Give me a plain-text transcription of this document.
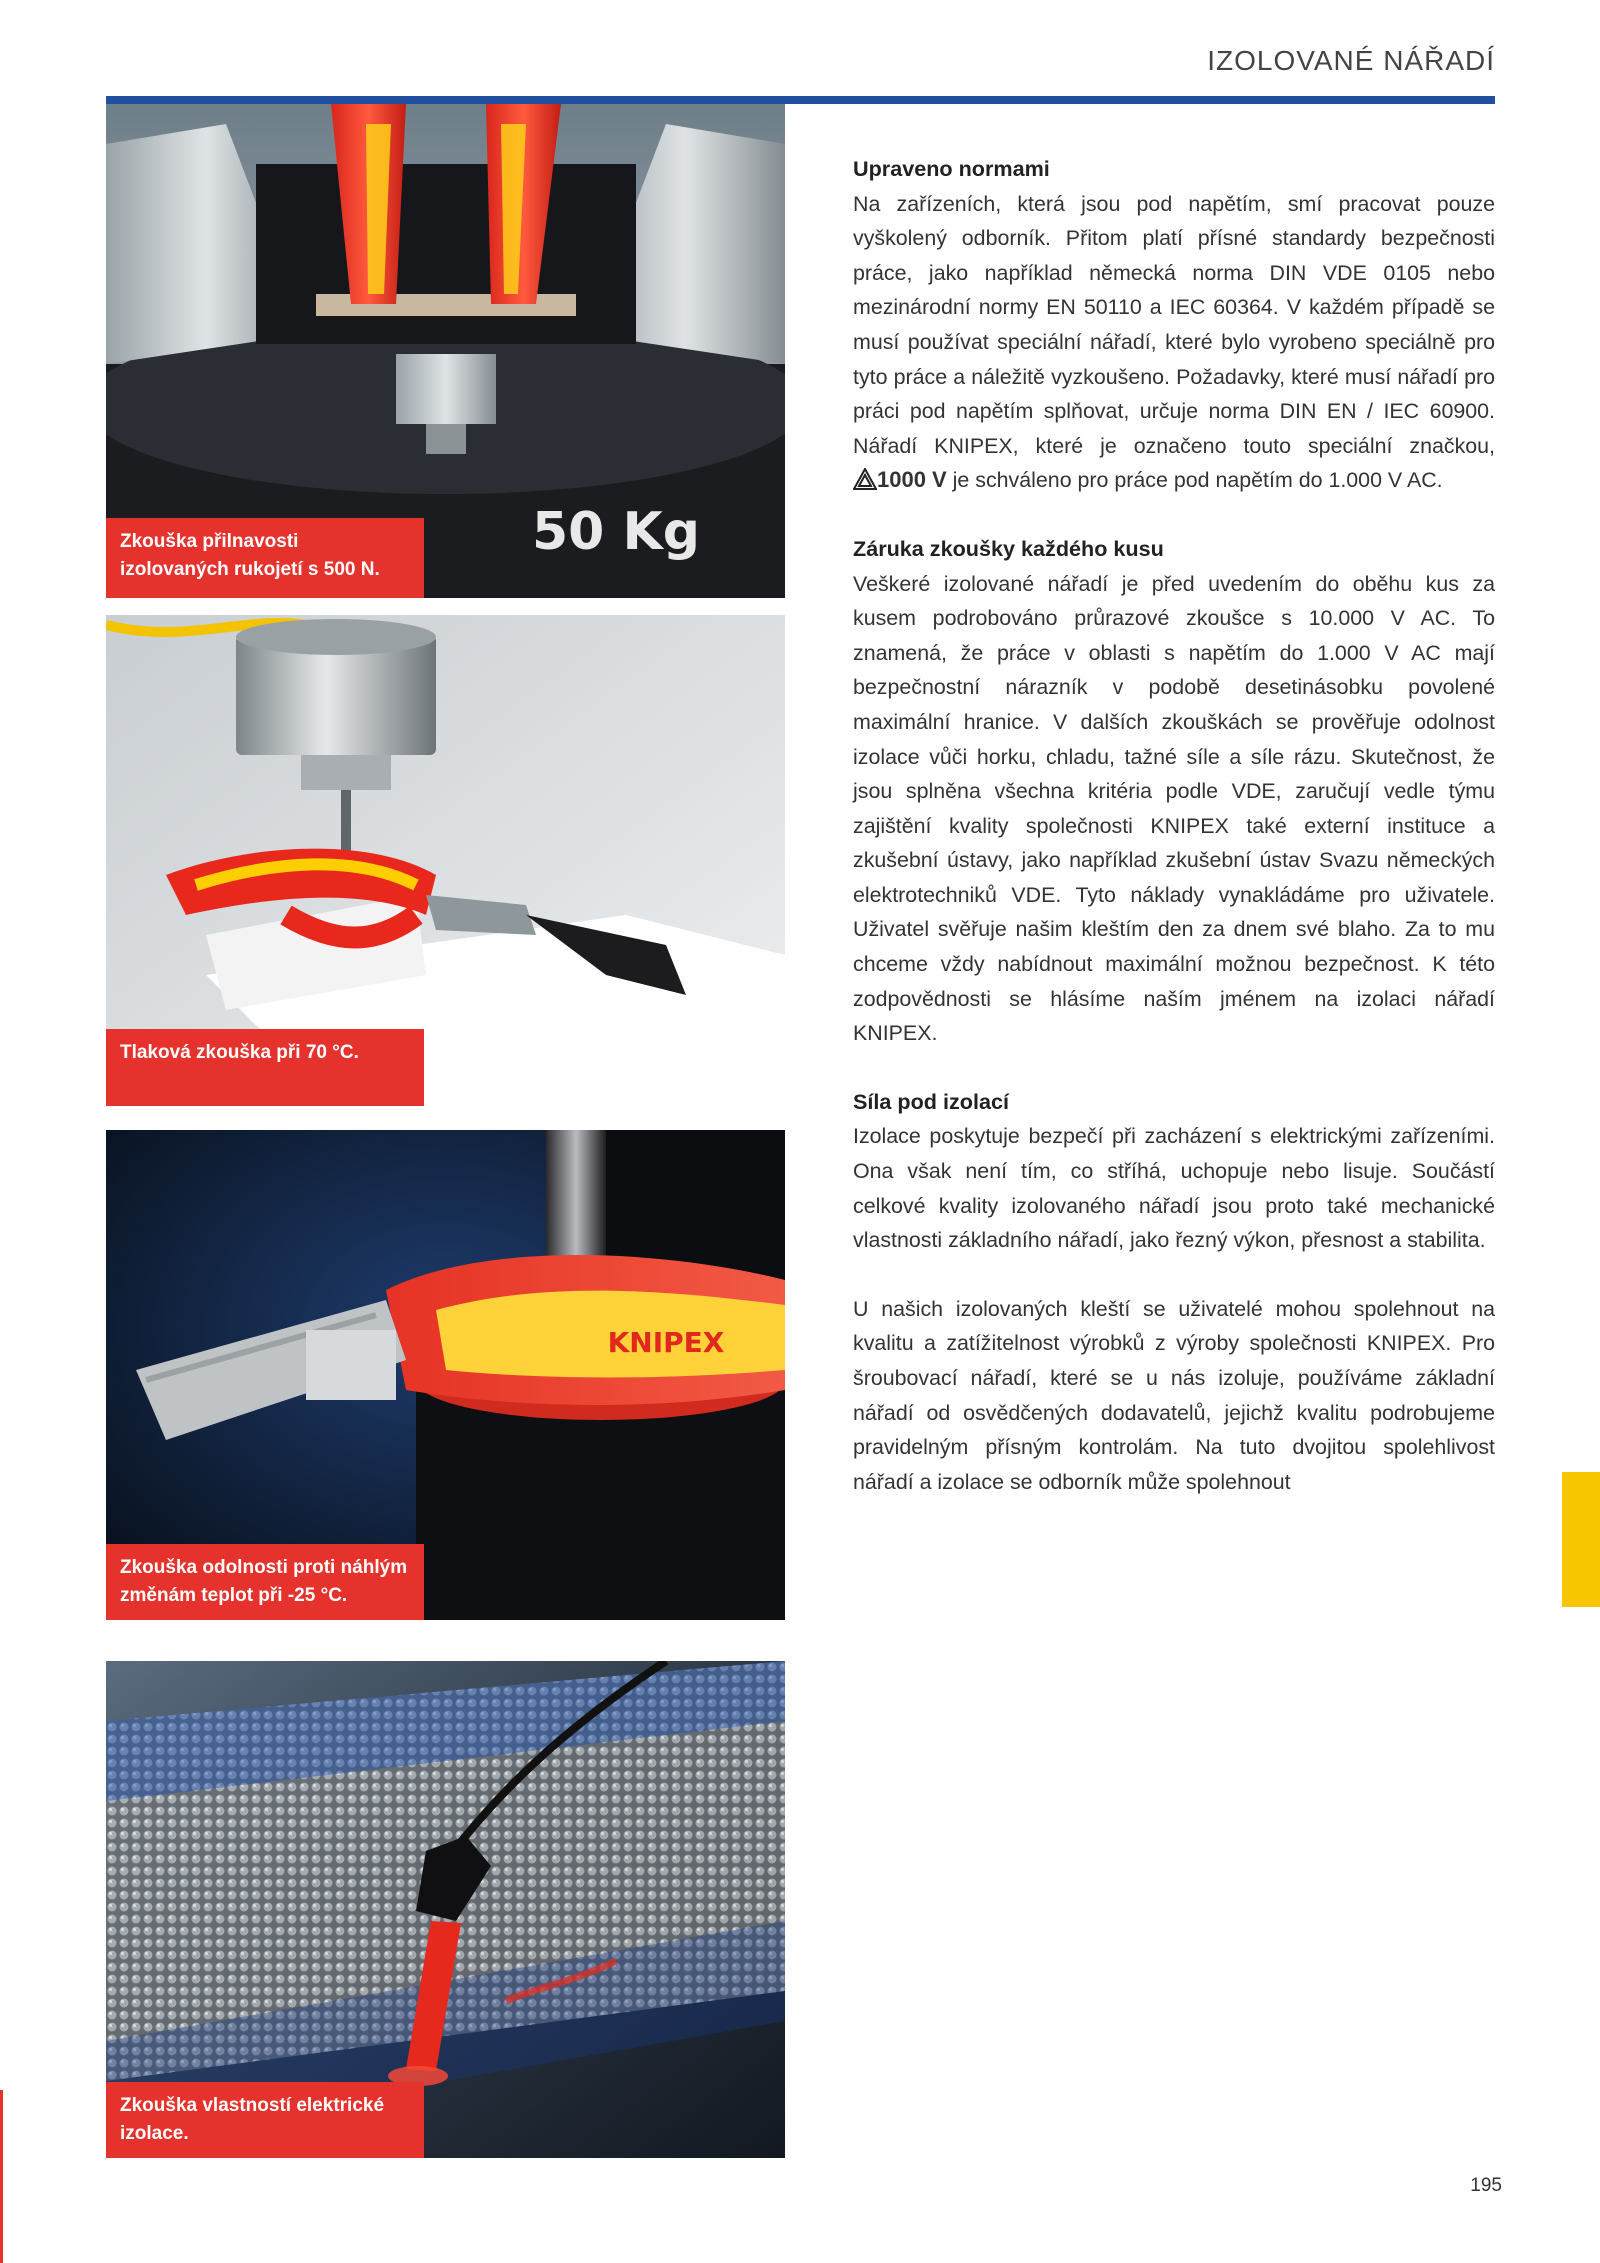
IZOLOVANÉ NÁŘADÍ
50 Kg
Zkouška přilnavosti izolovaných rukojetí s 500 N.
Tlaková zkouška při 70 °C.
KNIPEX
Zkouška odolnosti proti náhlým změnám teplot při -25 °C.
Zkouška vlastností elektrické izolace.
Upraveno normami

Na zařízeních, která jsou pod napětím, smí pracovat pouze vyškolený odborník. Přitom platí přísné standardy bezpečnosti práce, jako například německá norma DIN VDE 0105 nebo mezinárodní normy EN 50110 a IEC 60364. V každém případě se musí používat speciální nářadí, které bylo vyrobeno speciálně pro tyto práce a náležitě vyzkoušeno. Požadavky, které musí nářadí pro práci pod napětím splňovat, určuje norma DIN EN / IEC 60900. Nářadí KNIPEX, které je označeno touto speciální značkou, 1000 V je schváleno pro práce pod napětím do 1.000 V AC.

Záruka zkoušky každého kusu

Veškeré izolované nářadí je před uvedením do oběhu kus za kusem podrobováno průrazové zkoušce s 10.000 V AC. To znamená, že práce v oblasti s napětím do 1.000 V AC mají bezpečnostní nárazník v podobě desetinásobku povolené maximální hranice. V dalších zkouškách se prověřuje odolnost izolace vůči horku, chladu, tažné síle a síle rázu. Skutečnost, že jsou splněna všechna kritéria podle VDE, zaručují vedle týmu zajištění kvality společnosti KNIPEX také externí instituce a zkušební ústavy, jako například zkušební ústav Svazu německých elektrotechniků VDE. Tyto náklady vynakládáme pro uživatele. Uživatel svěřuje našim kleštím den za dnem své blaho. Za to mu chceme vždy nabídnout maximální možnou bezpečnost. K této zodpovědnosti se hlásíme naším jménem na izolaci nářadí KNIPEX.

Síla pod izolací

Izolace poskytuje bezpečí při zacházení s elektrickými zařízeními. Ona však není tím, co stříhá, uchopuje nebo lisuje. Součástí celkové kvality izolovaného nářadí jsou proto také mechanické vlastnosti základního nářadí, jako řezný výkon, přesnost a stabilita.

U našich izolovaných kleští se uživatelé mohou spolehnout na kvalitu a zatížitelnost výrobků z výroby společnosti KNIPEX. Pro šroubovací nářadí, které se u nás izoluje, používáme základní nářadí od osvědčených dodavatelů, jejichž kvalitu podrobujeme pravidelným přísným kontrolám. Na tuto dvojitou spolehlivost nářadí a izolace se odborník může spolehnout

195
